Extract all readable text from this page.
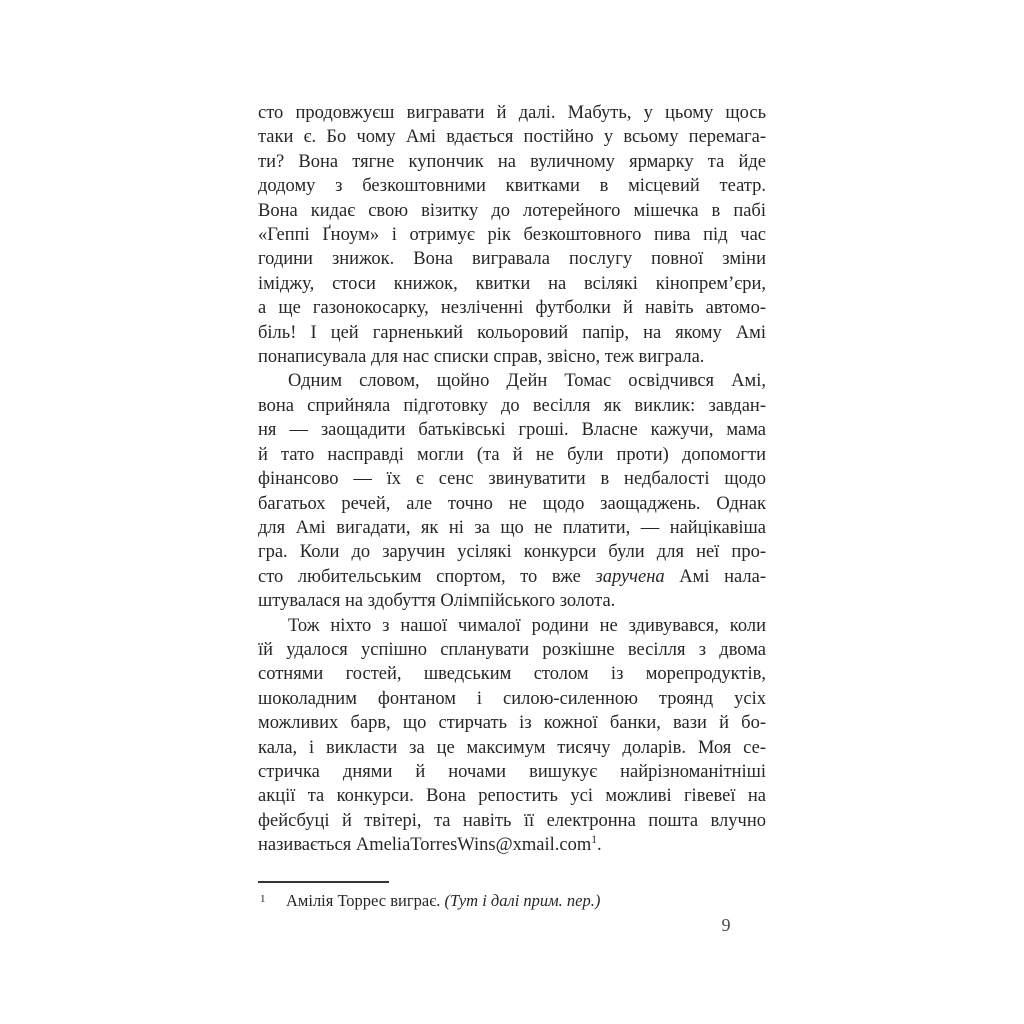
сто продовжуєш вигравати й далі. Мабуть, у цьому щось
таки є. Бо чому Амі вдається постійно у всьому перемага-
ти? Вона тягне купончик на вуличному ярмарку та йде
додому з безкоштовними квитками в місцевий театр.
Вона кидає свою візитку до лотерейного мішечка в пабі
«Геппі Ґноум» і отримує рік безкоштовного пива під час
години знижок. Вона вигравала послугу повної зміни
іміджу, стоси книжок, квитки на всілякі кінопрем’єри,
а ще газонокосарку, незліченні футболки й навіть автомо-
біль! І цей гарненький кольоровий папір, на якому Амі
понаписувала для нас списки справ, звісно, теж виграла.
Одним словом, щойно Дейн Томас освідчився Амі,
вона сприйняла підготовку до весілля як виклик: завдан-
ня — заощадити батьківські гроші. Власне кажучи, мама
й тато насправді могли (та й не були проти) допомогти
фінансово — їх є сенс звинуватити в недбалості щодо
багатьох речей, але точно не щодо заощаджень. Однак
для Амі вигадати, як ні за що не платити, — найцікавіша
гра. Коли до заручин усілякі конкурси були для неї про-
сто любительським спортом, то вже заручена Амі нала-
штувалася на здобуття Олімпійського золота.
Тож ніхто з нашої чималої родини не здивувався, коли
їй удалося успішно спланувати розкішне весілля з двома
сотнями гостей, шведським столом із морепродуктів,
шоколадним фонтаном і силою-силенною троянд усіх
можливих барв, що стирчать із кожної банки, вази й бо-
кала, і викласти за це максимум тисячу доларів. Моя се-
стричка днями й ночами вишукує найрізноманітніші
акції та конкурси. Вона репостить усі можливі гівевеї на
фейсбуці й твітері, та навіть її електронна пошта влучно
називається AmeliaTorresWins@xmail.com$^1$.
1 Амілія Торрес виграє. (Тут і далі прим. пер.)
9
